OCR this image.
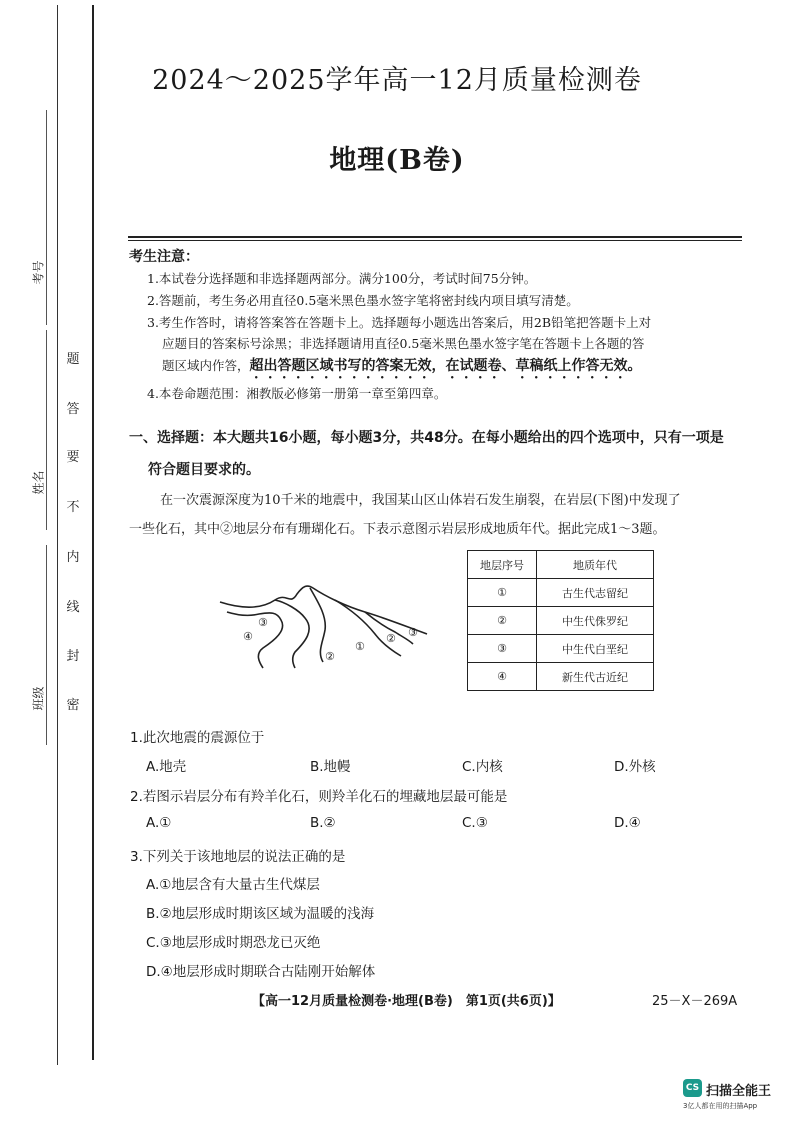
考号
姓名
班级 密
封
线
内
不
要
答
题
2024～2025学年高一12月质量检测卷
地理(B卷)
考生注意：
1.本试卷分选择题和非选择题两部分。满分100分，考试时间75分钟。
2.答题前，考生务必用直径0.5毫米黑色墨水签字笔将密封线内项目填写清楚。
3.考生作答时，请将答案答在答题卡上。选择题每小题选出答案后，用2B铅笔把答题卡上对
应题目的答案标号涂黑；非选择题请用直径0.5毫米黑色墨水签字笔在答题卡上各题的答
题区域内作答，超出答题区域书写的答案无效，在试题卷、草稿纸上作答无效。
4.本卷命题范围：湘教版必修第一册第一章至第四章。
一、选择题：本大题共16小题，每小题3分，共48分。在每小题给出的四个选项中，只有一项是
符合题目要求的。
在一次震源深度为10千米的地震中，我国某山区山体岩石发生崩裂，在岩层(下图)中发现了
一些化石，其中②地层分布有珊瑚化石。下表示意图示岩层形成地质年代。据此完成1～3题。
④
③
②
①
② ③
地层序号	地质年代
①	古生代志留纪
②	中生代侏罗纪
③	中生代白垩纪
④	新生代古近纪
1.此次地震的震源位于
A.地壳	B.地幔	C.内核	D.外核
2.若图示岩层分布有羚羊化石，则羚羊化石的埋藏地层最可能是
A.①	B.②	C.③	D.④
3.下列关于该地地层的说法正确的是
A.①地层含有大量古生代煤层
B.②地层形成时期该区域为温暖的浅海
C.③地层形成时期恐龙已灭绝
D.④地层形成时期联合古陆刚开始解体
【高一12月质量检测卷·地理(B卷)　第1页(共6页)】	25－X－269A
CS 扫描全能王
3亿人都在用的扫描App
